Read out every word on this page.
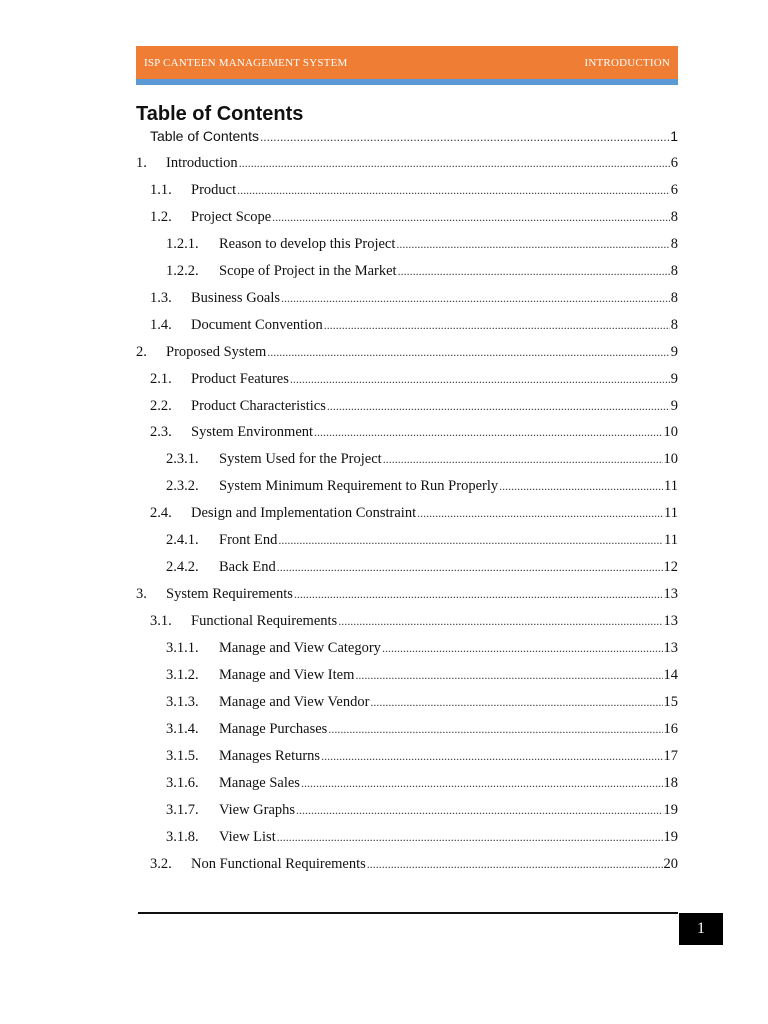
ISP CANTEEN MANAGEMENT SYSTEM	INTRODUCTION
Table of Contents
Table of Contents .....	1
1.	Introduction .....	6
1.1.	Product .....	6
1.2.	Project Scope .....	8
1.2.1.	Reason to develop this Project .....	8
1.2.2.	Scope of Project in the Market .....	8
1.3.	Business Goals .....	8
1.4.	Document Convention .....	8
2.	Proposed System .....	9
2.1.	Product Features .....	9
2.2.	Product Characteristics .....	9
2.3.	System Environment .....	10
2.3.1.	System Used for the Project .....	10
2.3.2.	System Minimum Requirement to Run Properly .....	11
2.4.	Design and Implementation Constraint .....	11
2.4.1.	Front End .....	11
2.4.2.	Back End .....	12
3.	System Requirements .....	13
3.1.	Functional Requirements .....	13
3.1.1.	Manage and View Category .....	13
3.1.2.	Manage and View Item .....	14
3.1.3.	Manage and View Vendor .....	15
3.1.4.	Manage Purchases .....	16
3.1.5.	Manages Returns .....	17
3.1.6.	Manage Sales .....	18
3.1.7.	View Graphs .....	19
3.1.8.	View List .....	19
3.2.	Non Functional Requirements .....	20
1
